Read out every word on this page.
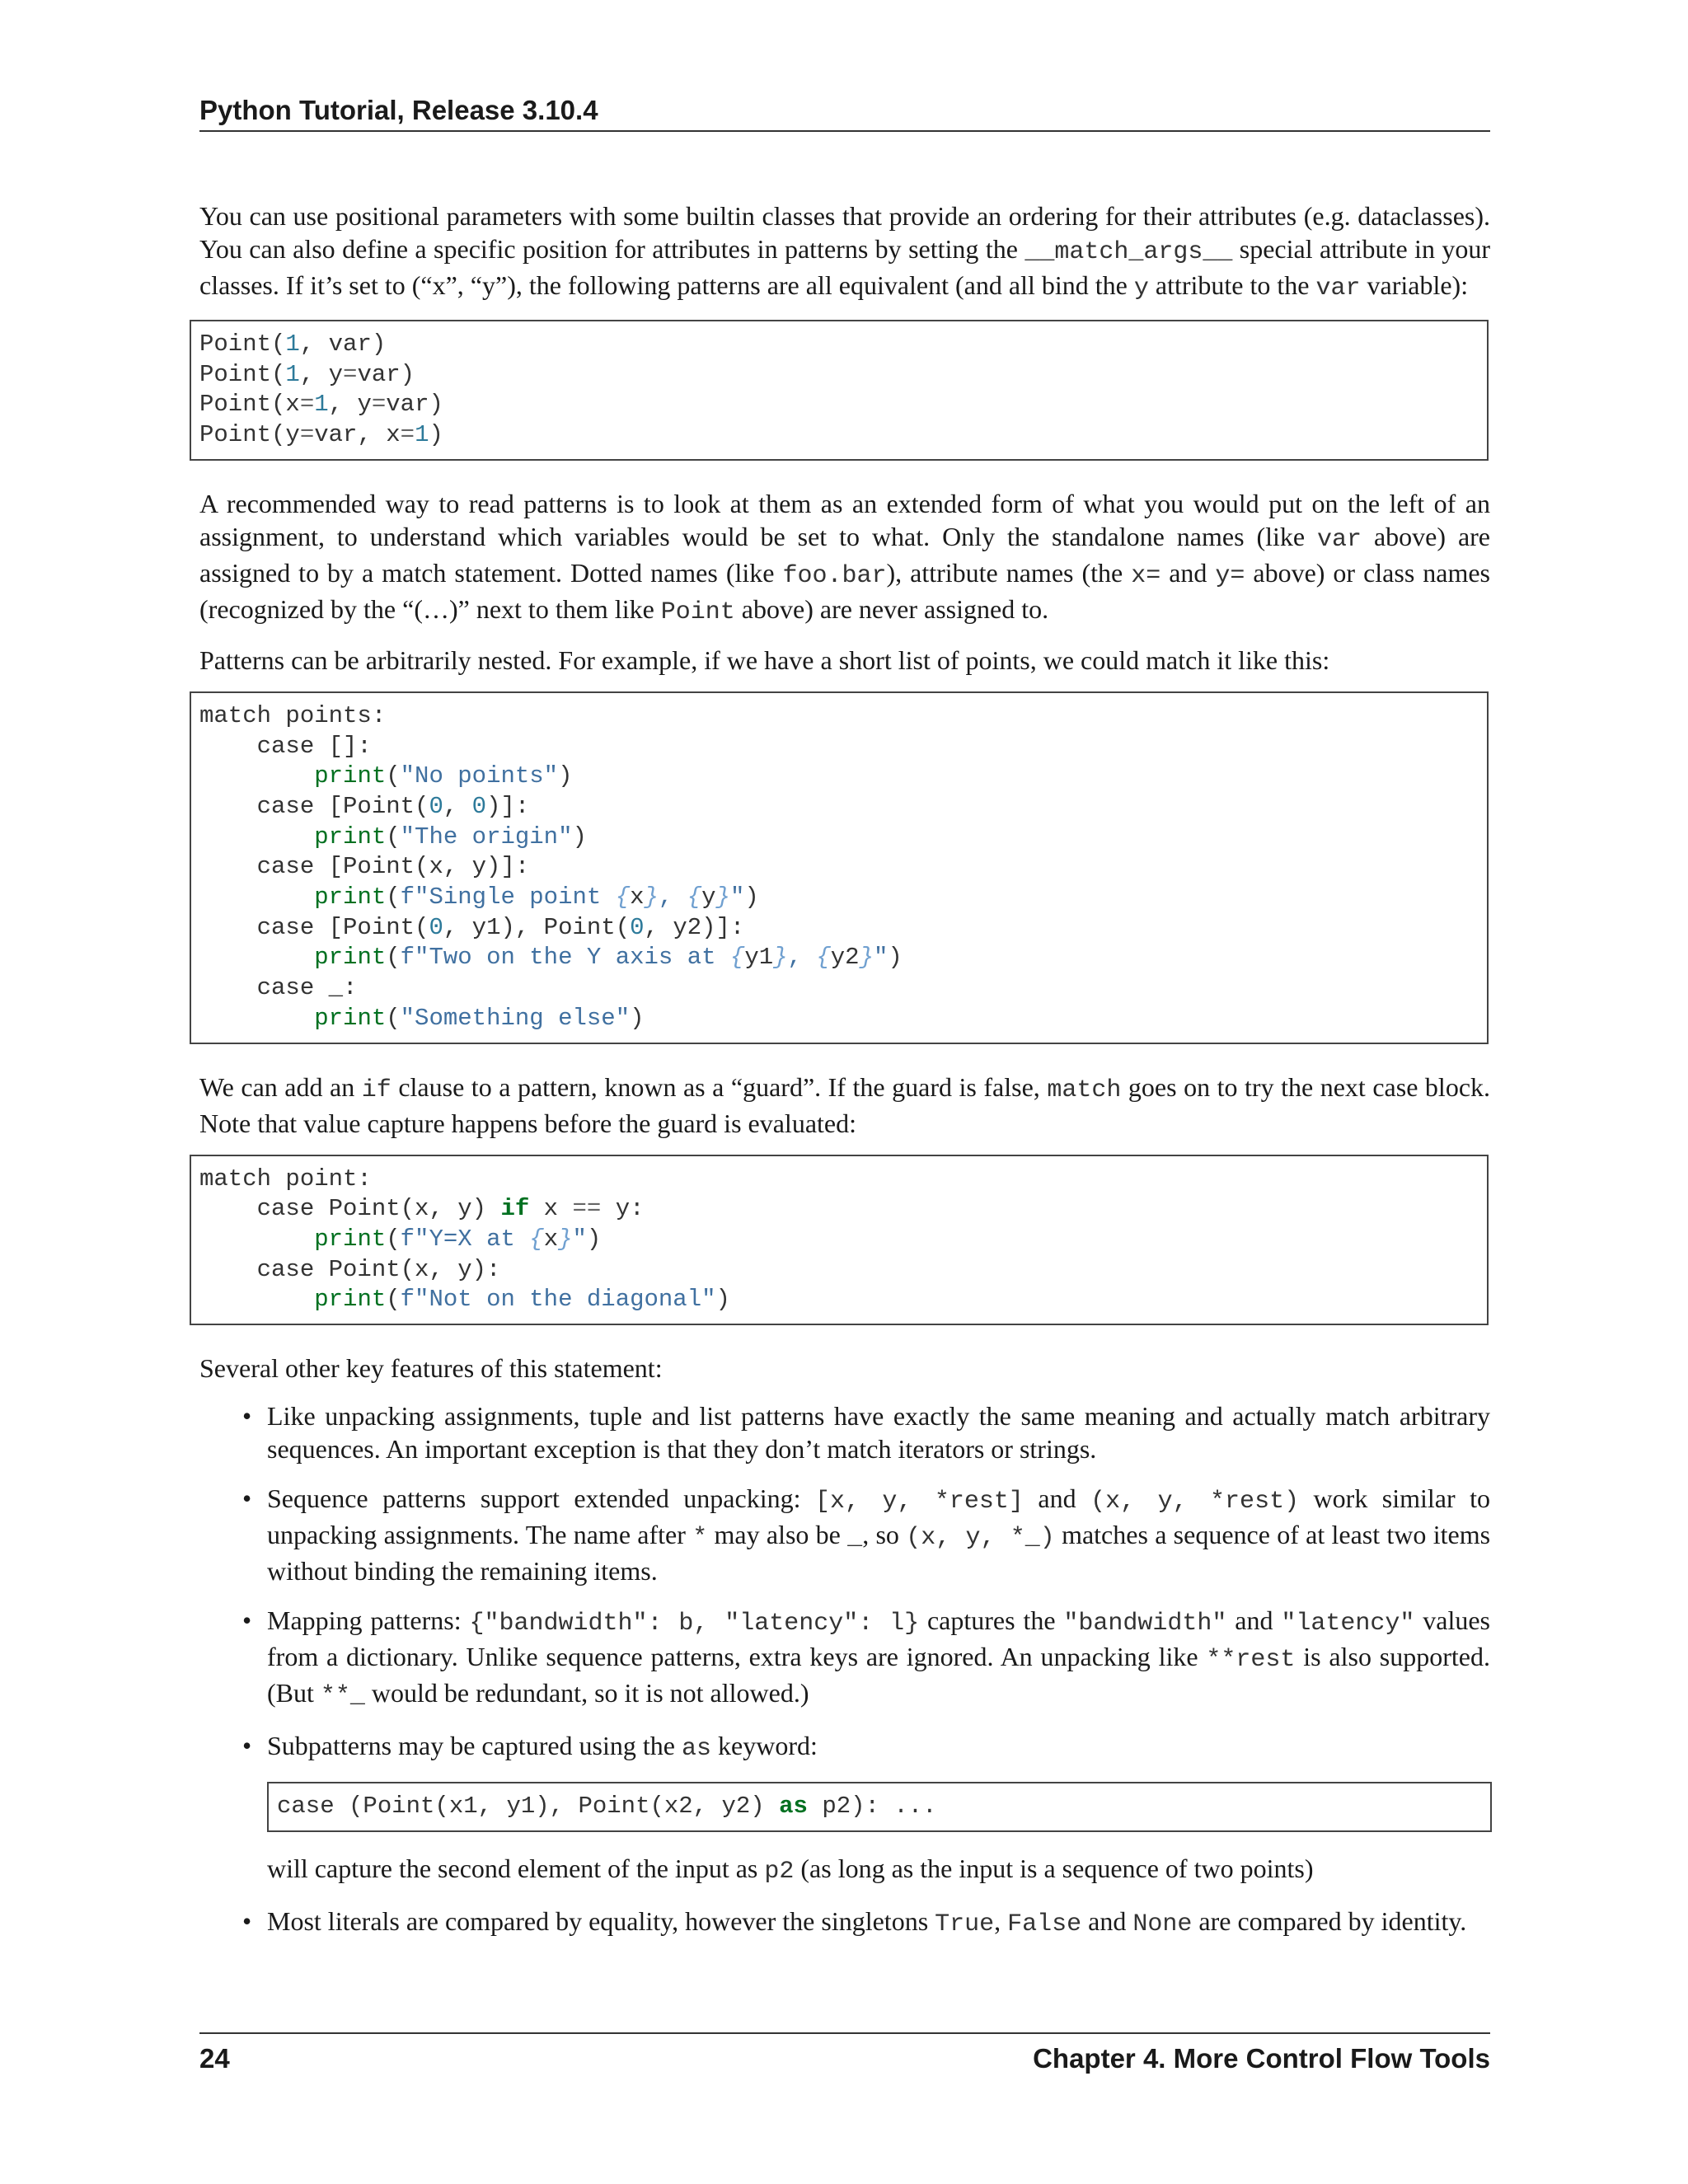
Python Tutorial, Release 3.10.4

You can use positional parameters with some builtin classes that provide an ordering for their attributes (e.g. dataclasses). You can also define a specific position for attributes in patterns by setting the __match_args__ special attribute in your classes. If it’s set to (“x”, “y”), the following patterns are all equivalent (and all bind the y attribute to the var variable):

Point(1, var)
Point(1, y=var)
Point(x=1, y=var)
Point(y=var, x=1)

A recommended way to read patterns is to look at them as an extended form of what you would put on the left of an assignment, to understand which variables would be set to what. Only the standalone names (like var above) are assigned to by a match statement. Dotted names (like foo.bar), attribute names (the x= and y= above) or class names (recognized by the “(…)” next to them like Point above) are never assigned to.

Patterns can be arbitrarily nested. For example, if we have a short list of points, we could match it like this:

match points:
case []:
print("No points")
case [Point(0, 0)]:
print("The origin")
case [Point(x, y)]:
print(f"Single point {x}, {y}")
case [Point(0, y1), Point(0, y2)]:
print(f"Two on the Y axis at {y1}, {y2}")
case _:
print("Something else")

We can add an if clause to a pattern, known as a “guard”. If the guard is false, match goes on to try the next case block. Note that value capture happens before the guard is evaluated:

match point:
case Point(x, y) if x == y:
print(f"Y=X at {x}")
case Point(x, y):
print(f"Not on the diagonal")

Several other key features of this statement:

• Like unpacking assignments, tuple and list patterns have exactly the same meaning and actually match arbitrary sequences. An important exception is that they don’t match iterators or strings.
• Sequence patterns support extended unpacking: [x, y, *rest] and (x, y, *rest) work similar to unpacking assignments. The name after * may also be _, so (x, y, *_) matches a sequence of at least two items without binding the remaining items.
• Mapping patterns: {"bandwidth": b, "latency": l} captures the "bandwidth" and "latency" values from a dictionary. Unlike sequence patterns, extra keys are ignored. An unpacking like **rest is also supported. (But **_ would be redundant, so it is not allowed.)
• Subpatterns may be captured using the as keyword:
case (Point(x1, y1), Point(x2, y2) as p2): ...
will capture the second element of the input as p2 (as long as the input is a sequence of two points)
• Most literals are compared by equality, however the singletons True, False and None are compared by identity.
24	Chapter 4. More Control Flow Tools
